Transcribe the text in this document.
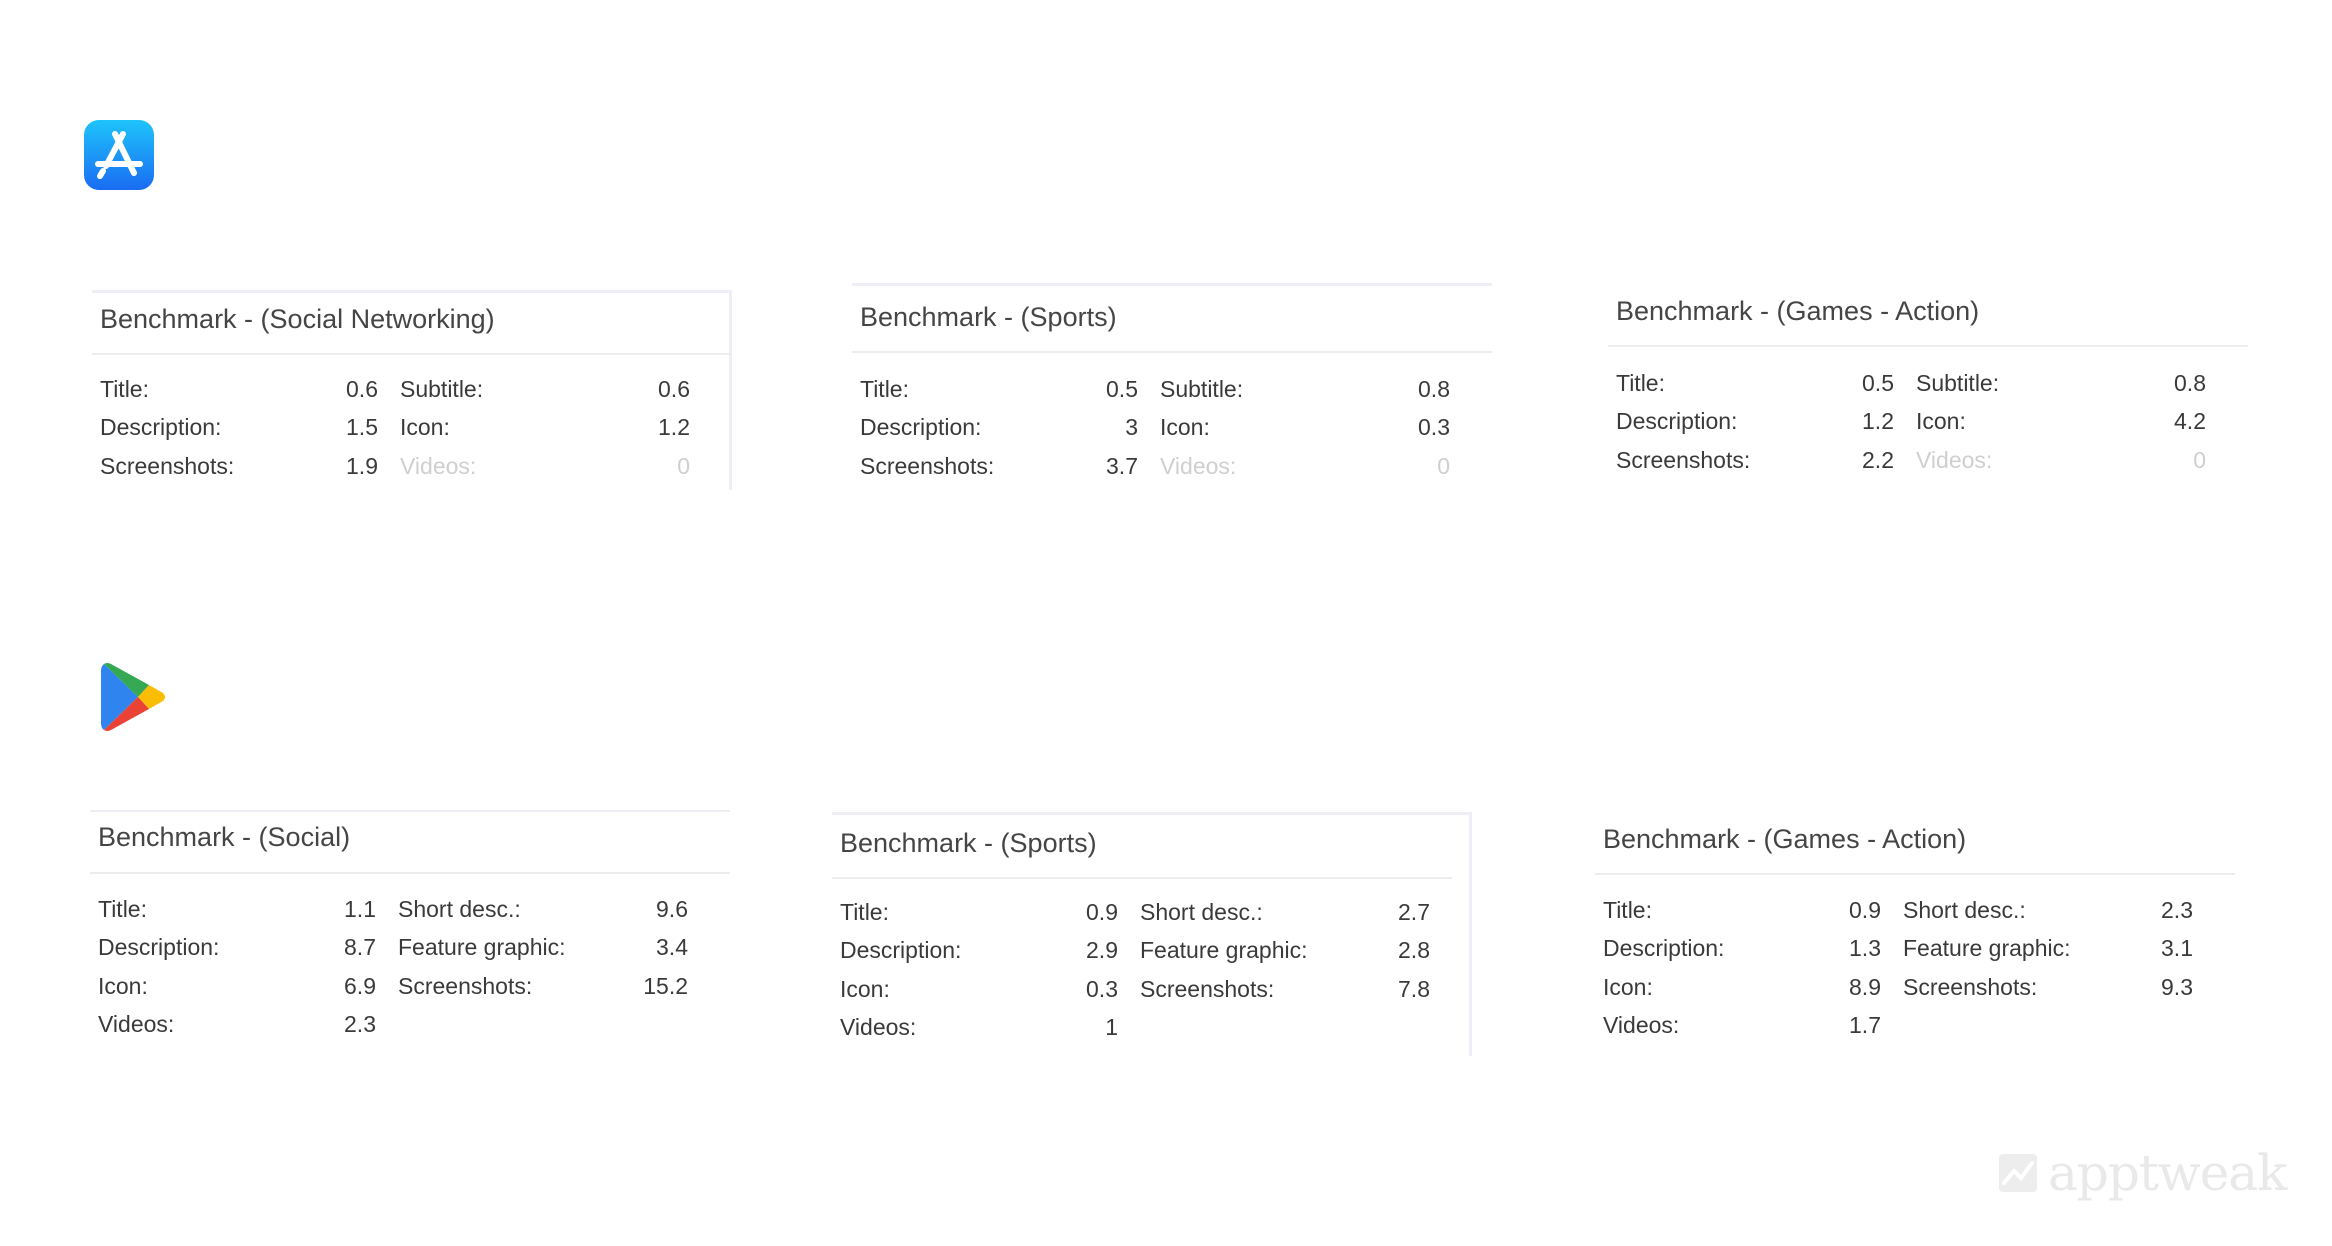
Benchmark - (Social Networking)
Title:	0.6 Subtitle:	0.6
Description:	1.5 Icon:	1.2
Screenshots:	1.9 Videos:	0
Benchmark - (Sports)
Title:	0.5 Subtitle:	0.8
Description:	3 Icon:	0.3
Screenshots:	3.7 Videos:	0
Benchmark - (Games - Action)
Title:	0.5 Subtitle:	0.8
Description:	1.2 Icon:	4.2
Screenshots:	2.2 Videos:	0
Benchmark - (Social)
Title:	1.1 Short desc.:	9.6
Description:	8.7 Feature graphic:	3.4
Icon:	6.9 Screenshots:	15.2
Videos:	2.3
Benchmark - (Sports)
Title:	0.9 Short desc.:	2.7
Description:	2.9 Feature graphic:	2.8
Icon:	0.3 Screenshots:	7.8
Videos:	1
Benchmark - (Games - Action)
Title:	0.9 Short desc.:	2.3
Description:	1.3 Feature graphic:	3.1
Icon:	8.9 Screenshots:	9.3
Videos:	1.7
apptweak
